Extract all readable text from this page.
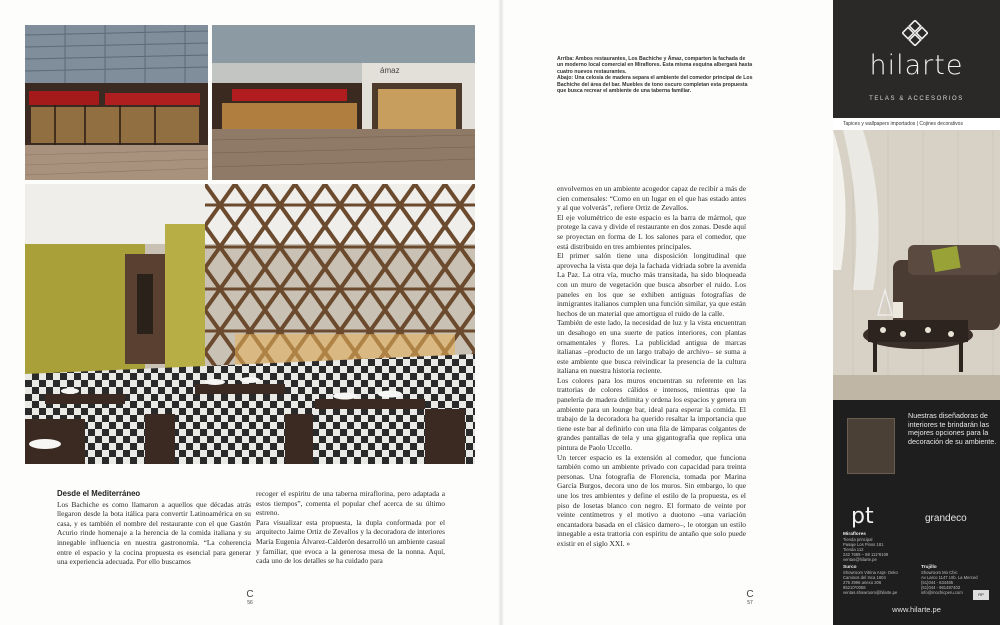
ámaz

Arriba: Ambos restaurantes, Los Bachiche y Ámaz, comparten la fachada de un moderno local comercial en Miraflores. Esta misma esquina albergará hasta cuatro nuevos restaurantes.

Abajo: Una celosía de madera separa el ambiente del comedor principal de Los Bachiche del área del bar. Muebles de tono oscuro completan esta propuesta que busca recrear el ambiente de una taberna familiar.

Desde el Mediterráneo

Los Bachiche es como llamaron a aquellos que décadas atrás llegaron desde la bota itálica para convertir Latinoamérica en su casa, y es también el nombre del restaurante con el que Gastón Acurio rinde homenaje a la herencia de la comida italiana y su innegable influencia en nuestra gastronomía. “La coherencia entre el espacio y la cocina propuesta es esencial para generar una experiencia adecuada. Por ello buscamos

recoger el espíritu de una taberna miraflorina, pero adaptada a estos tiempos”, comenta el popular chef acerca de su último estreno.

Para visualizar esta propuesta, la dupla conformada por el arquitecto Jaime Ortiz de Zevallos y la decoradora de interiores María Eugenia Álvarez-Calderón desarrolló un ambiente casual y familiar, que evoca a la generosa mesa de la nonna. Aquí, cada uno de los detalles se ha cuidado para

envolvernos en un ambiente acogedor capaz de recibir a más de cien comensales: “Como en un lugar en el que has estado antes y al que volverás”, refiere Ortiz de Zevallos.

El eje volumétrico de este espacio es la barra de mármol, que protege la cava y divide el restaurante en dos zonas. Desde aquí se proyectan en forma de L los salones para el comedor, que está distribuido en tres ambientes principales.

El primer salón tiene una disposición longitudinal que aprovecha la vista que deja la fachada vidriada sobre la avenida La Paz. La otra vía, mucho más transitada, ha sido bloqueada con un muro de vegetación que busca absorber el ruido. Los paneles en los que se exhiben antiguas fotografías de inmigrantes italianos cumplen una función similar, ya que están hechos de un material que amortigua el ruido de la calle.

También de este lado, la necesidad de luz y la vista encuentran un desahogo en una suerte de patios interiores, con plantas ornamentales y flores. La publicidad antigua de marcas italianas –producto de un largo trabajo de archivo– se suma a este ambiente que busca reivindicar la presencia de la cultura italiana en nuestra historia reciente.

Los colores para los muros encuentran su referente en las trattorias de colores cálidos e intensos, mientras que la panelería de madera delimita y ordena los espacios y genera un ambiente para un lounge bar, ideal para esperar la comida. El trabajo de la decoradora ha querido resaltar la importancia que tiene este bar al definirlo con una fila de lámparas colgantes de grandes pantallas de tela y una gigantografía que replica una pintura de Paolo Uccello.

Un tercer espacio es la extensión al comedor, que funciona también como un ambiente privado con capacidad para treinta personas. Una fotografía de Florencia, tomada por Marina García Burgos, decora uno de los muros. Sin embargo, lo que une los tres ambientes y define el estilo de la propuesta, es el piso de losetas blanco con negro. El formato de veinte por veinte centímetros y el motivo a duotono –una variación encantadora basada en el clásico damero–, le otorgan un estilo innegable a esta trattoria con espíritu de antaño que solo puede existir en el siglo XXI. »

C
56
C
57
hilarte
TELAS & ACCESORIOS
Tapices y wallpapers importados | Cojines decorativos
Nuestras diseñadoras de interiores te brindarán las mejores opciones para la decoración de su ambiente.
pt	grandeco
Miraflores
Tienda principal
Pasaje Los Pinos 181
Tienda 112
242 7689 – 98 111*8109
ventas@hilarte.pe
Surco
Showroom Vitrina Arqs- Deko
Caminos del Inca 1604
275 3996 anexo 206
95210*0058
ventas.showroom@hilarte.pe
Trujillo
Showroom Mo Chic
Av Larco 1147 Urb. La Merced
(51)044 - 634485
(51)044 - 961487403
info@mochicperu.com	RP
www.hilarte.pe
